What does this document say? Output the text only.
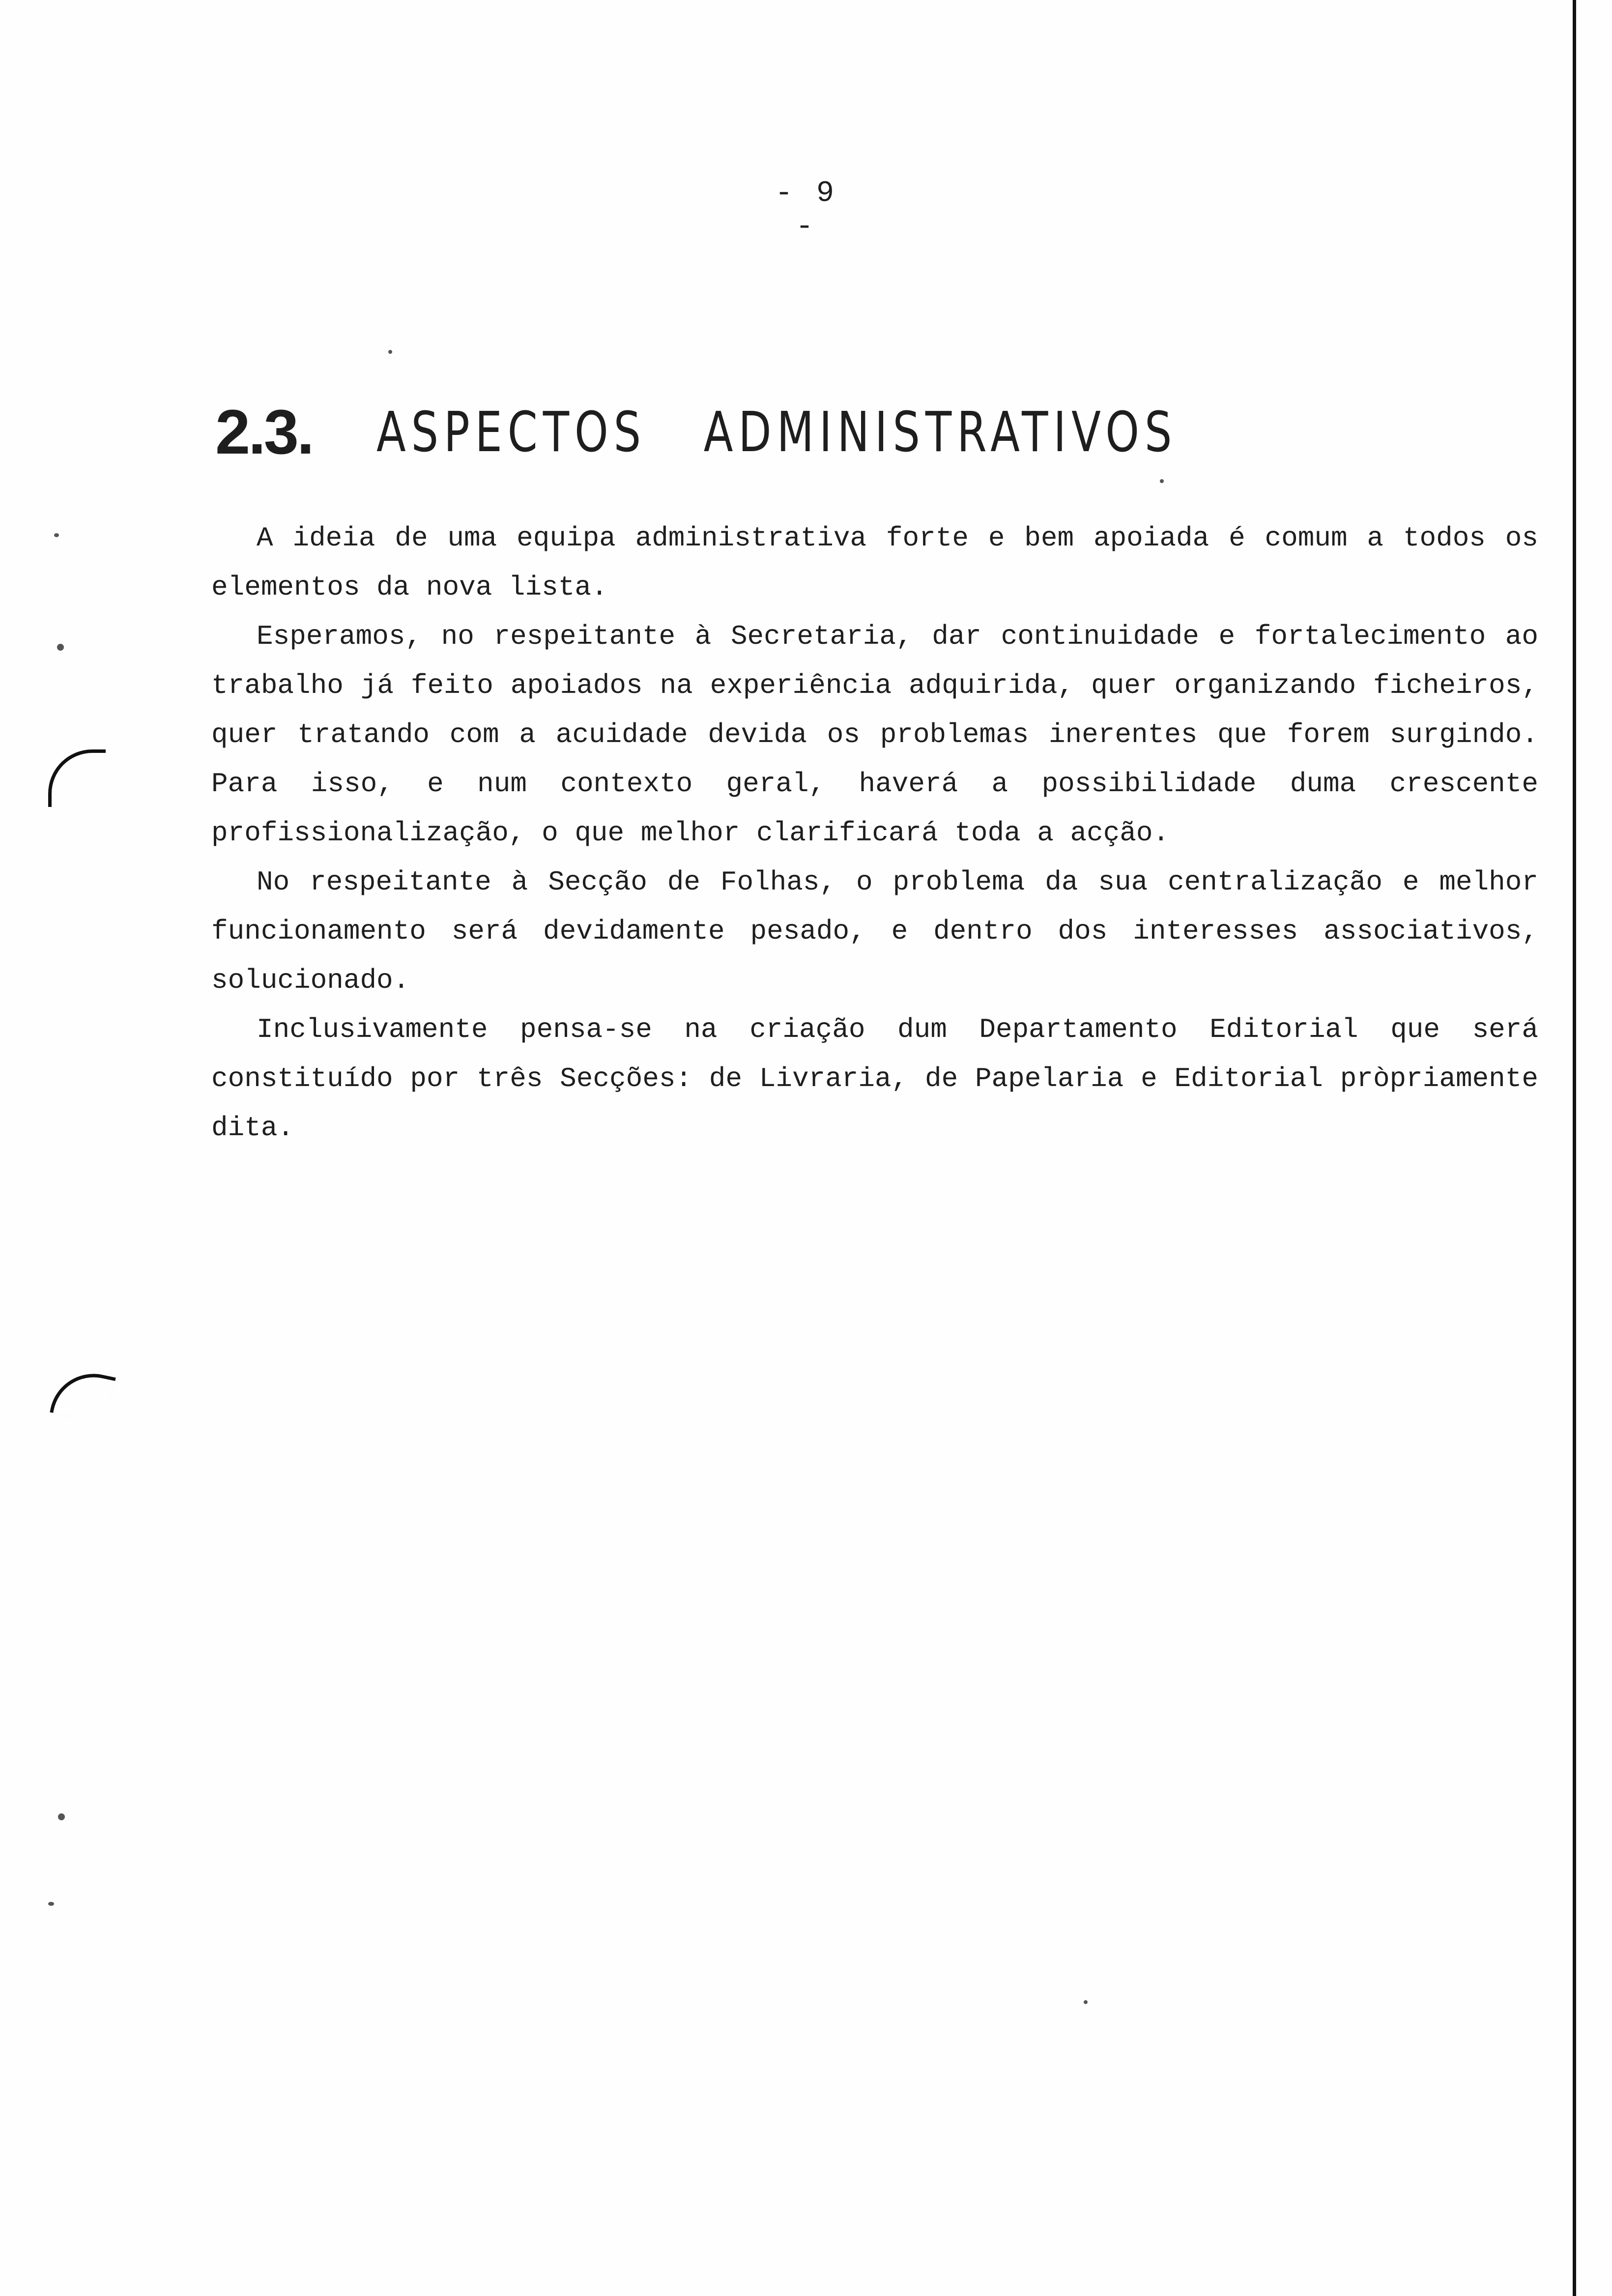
- 9 -
2.3. ASPECTOS ADMINISTRATIVOS

A ideia de uma equipa administrativa forte e bem apoiada é comum a todos os elementos da nova lista.

Esperamos, no respeitante à Secretaria, dar continuidade e fortalecimento ao trabalho já feito apoiados na experiência adquirida, quer organizando ficheiros, quer tratando com a acuidade devida os problemas inerentes que forem surgindo. Para isso, e num contexto geral, haverá a possibilidade duma crescente profissionalização, o que melhor clarificará toda a acção.

No respeitante à Secção de Folhas, o problema da sua centralização e melhor funcionamento será devidamente pesado, e dentro dos interesses associativos, solucionado.

Inclusivamente pensa-se na criação dum Departamento Editorial que será constituído por três Secções: de Livraria, de Papelaria e Editorial pròpriamente dita.
